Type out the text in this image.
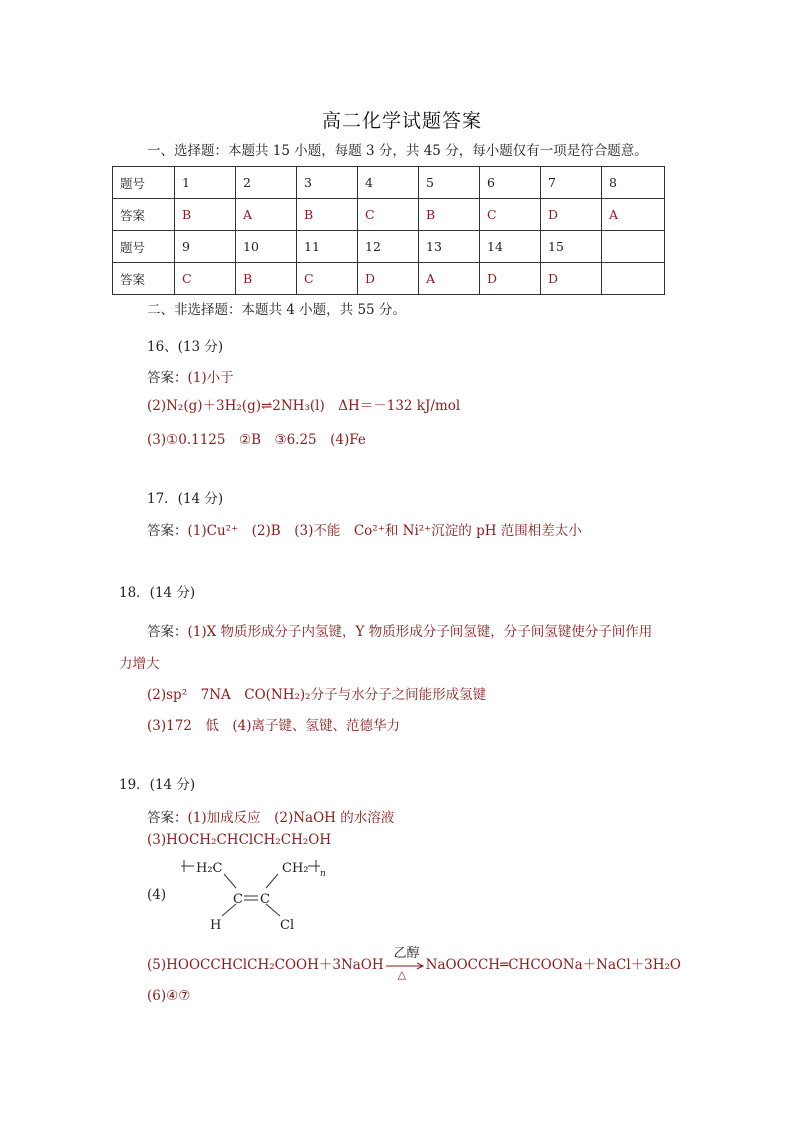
高二化学试题答案
一、选择题：本题共 15 小题，每题 3 分，共 45 分，每小题仅有一项是符合题意。
题号	1	2	3	4	5	6	7	8
答案	B	A	B	C	B	C	D	A
题号	9	10	11	12	13	14	15	
答案	C	B	C	D	A	D	D	
二、非选择题：本题共 4 小题，共 55 分。
16、(13 分)
答案：(1)小于
(2)N₂(g)＋3H₂(g)⇌2NH₃(l)　ΔH＝－132 kJ/mol
(3)①0.1125　②B　③6.25　(4)Fe
17．(14 分)
答案：(1)Cu²⁺　(2)B　(3)不能　Co²⁺和 Ni²⁺沉淀的 pH 范围相差太小
18．(14 分)
答案：(1)X 物质形成分子内氢键，Y 物质形成分子间氢键，分子间氢键使分子间作用
力增大
(2)sp²　7NA　CO(NH₂)₂分子与水分子之间能形成氢键
(3)172　低　(4)离子键、氢键、范德华力
19．(14 分)
答案：(1)加成反应　(2)NaOH 的水溶液
(3)HOCH₂CHClCH₂CH₂OH
(4)
H₂C	CH₂ n
C C
H	Cl
(5)HOOCCHClCH₂COOH＋3NaOH
乙醇
△
NaOOCCH═CHCOONa＋NaCl＋3H₂O
(6)④⑦
